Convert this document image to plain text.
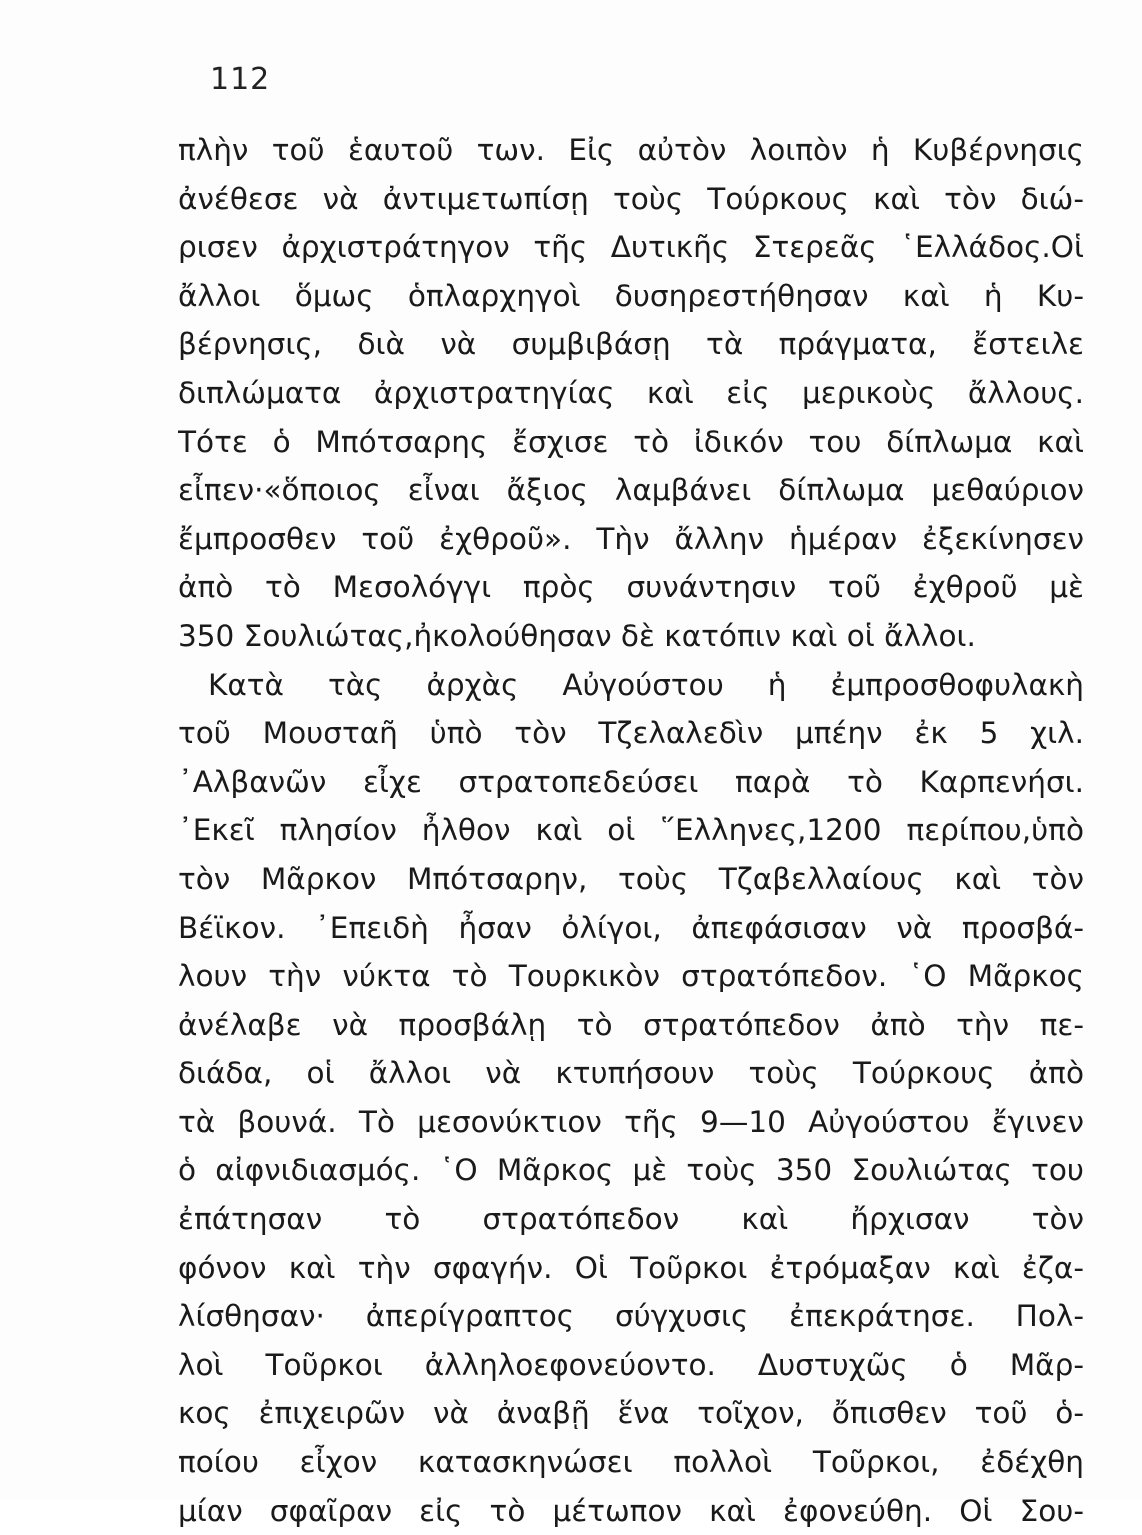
112
πλὴν τοῦ ἑαυτοῦ των. Εἰς αὐτὸν λοιπὸν ἡ Κυβέρνησις
ἀνέθεσε νὰ ἀντιμετωπίσῃ τοὺς Τούρκους καὶ τὸν διώ-
ρισεν ἀρχιστράτηγον τῆς Δυτικῆς Στερεᾶς ῾Ελλάδος.Οἱ
ἄλλοι ὅμως ὁπλαρχηγοὶ δυσηρεστήθησαν καὶ ἡ Κυ-
βέρνησις, διὰ νὰ συμβιβάσῃ τὰ πράγματα, ἔστειλε
διπλώματα ἀρχιστρατηγίας καὶ εἰς μερικοὺς ἄλλους.
Τότε ὁ Μπότσαρης ἔσχισε τὸ ἰδικόν του δίπλωμα καὶ
εἶπεν·«ὅποιος εἶναι ἄξιος λαμβάνει δίπλωμα μεθαύριον
ἔμπροσθεν τοῦ ἐχθροῦ». Τὴν ἄλλην ἡμέραν ἐξεκίνησεν
ἀπὸ τὸ Μεσολόγγι πρὸς συνάντησιν τοῦ ἐχθροῦ μὲ
350 Σουλιώτας,ἠκολούθησαν δὲ κατόπιν καὶ οἱ ἄλλοι.
Κατὰ τὰς ἀρχὰς Αὐγούστου ἡ ἐμπροσθοφυλακὴ
τοῦ Μουσταῆ ὑπὸ τὸν Τζελαλεδὶν μπέην ἐκ 5 χιλ.
᾽Αλβανῶν εἶχε στρατοπεδεύσει παρὰ τὸ Καρπενήσι.
᾽Εκεῖ πλησίον ἦλθον καὶ οἱ ῞Ελληνες,1200 περίπου,ὑπὸ
τὸν Μᾶρκον Μπότσαρην, τοὺς Τζαβελλαίους καὶ τὸν
Βέϊκον. ᾽Επειδὴ ἦσαν ὀλίγοι, ἀπεφάσισαν νὰ προσβά-
λουν τὴν νύκτα τὸ Τουρκικὸν στρατόπεδον. ῾Ο Μᾶρκος
ἀνέλαβε νὰ προσβάλῃ τὸ στρατόπεδον ἀπὸ τὴν πε-
διάδα, οἱ ἄλλοι νὰ κτυπήσουν τοὺς Τούρκους ἀπὸ
τὰ βουνά. Τὸ μεσονύκτιον τῆς 9—10 Αὐγούστου ἔγινεν
ὁ αἰφνιδιασμός. ῾Ο Μᾶρκος μὲ τοὺς 350 Σουλιώτας του
ἐπάτησαν τὸ στρατόπεδον καὶ ἤρχισαν τὸν
φόνον καὶ τὴν σφαγήν. Οἱ Τοῦρκοι ἐτρόμαξαν καὶ ἐζα-
λίσθησαν· ἀπερίγραπτος σύγχυσις ἐπεκράτησε. Πολ-
λοὶ Τοῦρκοι ἀλληλοεφονεύοντο. Δυστυχῶς ὁ Μᾶρ-
κος ἐπιχειρῶν νὰ ἀναβῇ ἕνα τοῖχον, ὄπισθεν τοῦ ὁ-
ποίου εἶχον κατασκηνώσει πολλοὶ Τοῦρκοι, ἐδέχθη
μίαν σφαῖραν εἰς τὸ μέτωπον καὶ ἐφονεύθη. Οἱ Σου-
